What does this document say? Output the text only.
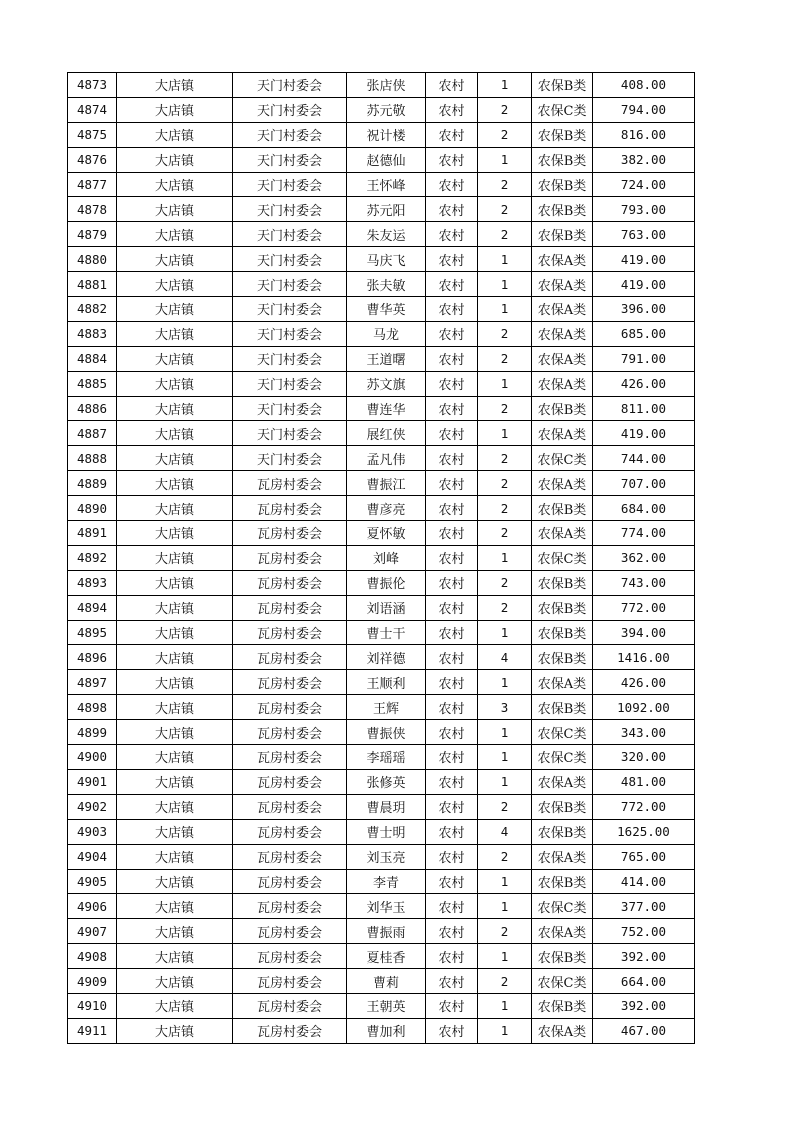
4873	大店镇	天门村委会	张店侠	农村	1	农保B类	408.00
4874	大店镇	天门村委会	苏元敬	农村	2	农保C类	794.00
4875	大店镇	天门村委会	祝计楼	农村	2	农保B类	816.00
4876	大店镇	天门村委会	赵德仙	农村	1	农保B类	382.00
4877	大店镇	天门村委会	王怀峰	农村	2	农保B类	724.00
4878	大店镇	天门村委会	苏元阳	农村	2	农保B类	793.00
4879	大店镇	天门村委会	朱友运	农村	2	农保B类	763.00
4880	大店镇	天门村委会	马庆飞	农村	1	农保A类	419.00
4881	大店镇	天门村委会	张夫敏	农村	1	农保A类	419.00
4882	大店镇	天门村委会	曹华英	农村	1	农保A类	396.00
4883	大店镇	天门村委会	马龙	农村	2	农保A类	685.00
4884	大店镇	天门村委会	王道曙	农村	2	农保A类	791.00
4885	大店镇	天门村委会	苏文旗	农村	1	农保A类	426.00
4886	大店镇	天门村委会	曹连华	农村	2	农保B类	811.00
4887	大店镇	天门村委会	展红侠	农村	1	农保A类	419.00
4888	大店镇	天门村委会	孟凡伟	农村	2	农保C类	744.00
4889	大店镇	瓦房村委会	曹振江	农村	2	农保A类	707.00
4890	大店镇	瓦房村委会	曹彦亮	农村	2	农保B类	684.00
4891	大店镇	瓦房村委会	夏怀敏	农村	2	农保A类	774.00
4892	大店镇	瓦房村委会	刘峰	农村	1	农保C类	362.00
4893	大店镇	瓦房村委会	曹振伦	农村	2	农保B类	743.00
4894	大店镇	瓦房村委会	刘语涵	农村	2	农保B类	772.00
4895	大店镇	瓦房村委会	曹士干	农村	1	农保B类	394.00
4896	大店镇	瓦房村委会	刘祥德	农村	4	农保B类	1416.00
4897	大店镇	瓦房村委会	王顺利	农村	1	农保A类	426.00
4898	大店镇	瓦房村委会	王辉	农村	3	农保B类	1092.00
4899	大店镇	瓦房村委会	曹振侠	农村	1	农保C类	343.00
4900	大店镇	瓦房村委会	李瑶瑶	农村	1	农保C类	320.00
4901	大店镇	瓦房村委会	张修英	农村	1	农保A类	481.00
4902	大店镇	瓦房村委会	曹晨玥	农村	2	农保B类	772.00
4903	大店镇	瓦房村委会	曹士明	农村	4	农保B类	1625.00
4904	大店镇	瓦房村委会	刘玉亮	农村	2	农保A类	765.00
4905	大店镇	瓦房村委会	李青	农村	1	农保B类	414.00
4906	大店镇	瓦房村委会	刘华玉	农村	1	农保C类	377.00
4907	大店镇	瓦房村委会	曹振雨	农村	2	农保A类	752.00
4908	大店镇	瓦房村委会	夏桂香	农村	1	农保B类	392.00
4909	大店镇	瓦房村委会	曹莉	农村	2	农保C类	664.00
4910	大店镇	瓦房村委会	王朝英	农村	1	农保B类	392.00
4911	大店镇	瓦房村委会	曹加利	农村	1	农保A类	467.00
